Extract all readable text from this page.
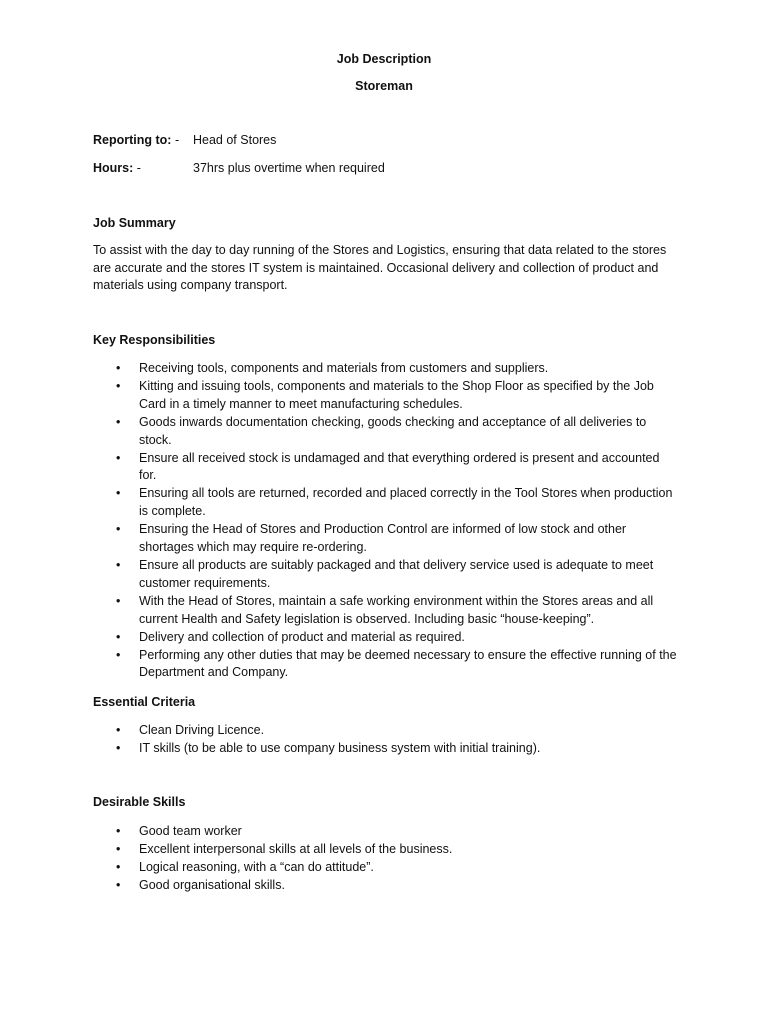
Job Description
Storeman
Reporting to: - Head of Stores
Hours: -	37hrs plus overtime when required
Job Summary
To assist with the day to day running of the Stores and Logistics, ensuring that data related to the stores are accurate and the stores IT system is maintained. Occasional delivery and collection of product and materials using company transport.
Key Responsibilities
• Receiving tools, components and materials from customers and suppliers.
• Kitting and issuing tools, components and materials to the Shop Floor as specified by the Job Card in a timely manner to meet manufacturing schedules.
• Goods inwards documentation checking, goods checking and acceptance of all deliveries to stock.
• Ensure all received stock is undamaged and that everything ordered is present and accounted for.
• Ensuring all tools are returned, recorded and placed correctly in the Tool Stores when production is complete.
• Ensuring the Head of Stores and Production Control are informed of low stock and other shortages which may require re-ordering.
• Ensure all products are suitably packaged and that delivery service used is adequate to meet customer requirements.
• With the Head of Stores, maintain a safe working environment within the Stores areas and all current Health and Safety legislation is observed. Including basic “house-keeping”.
• Delivery and collection of product and material as required.
• Performing any other duties that may be deemed necessary to ensure the effective running of the Department and Company.
Essential Criteria
• Clean Driving Licence.
• IT skills (to be able to use company business system with initial training).
Desirable Skills
• Good team worker
• Excellent interpersonal skills at all levels of the business.
• Logical reasoning, with a “can do attitude”.
• Good organisational skills.
